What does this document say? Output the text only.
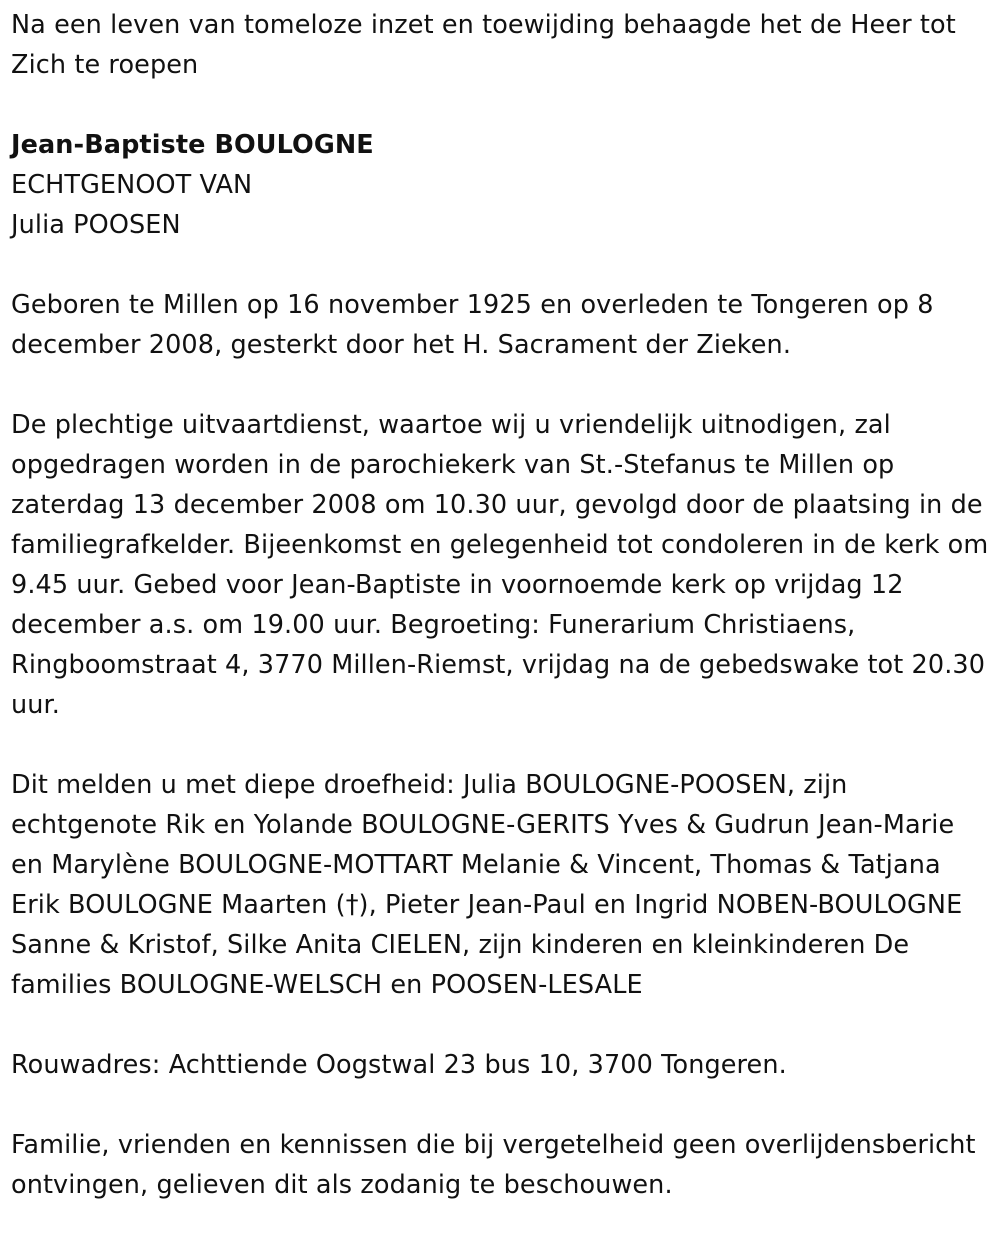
Na een leven van tomeloze inzet en toewijding behaagde het de Heer tot Zich te roepen

Jean-Baptiste BOULOGNE
ECHTGENOOT VAN
Julia POOSEN

Geboren te Millen op 16 november 1925 en overleden te Tongeren op 8 december 2008, gesterkt door het H. Sacrament der Zieken.

De plechtige uitvaartdienst, waartoe wij u vriendelijk uitnodigen, zal opgedragen worden in de parochiekerk van St.-Stefanus te Millen op zaterdag 13 december 2008 om 10.30 uur, gevolgd door de plaatsing in de familiegrafkelder. Bijeenkomst en gelegenheid tot condoleren in de kerk om 9.45 uur. Gebed voor Jean-Baptiste in voornoemde kerk op vrijdag 12 december a.s. om 19.00 uur. Begroeting: Funerarium Christiaens, Ringboomstraat 4, 3770 Millen-Riemst, vrijdag na de gebedswake tot 20.30 uur.

Dit melden u met diepe droefheid: Julia BOULOGNE-POOSEN, zijn echtgenote Rik en Yolande BOULOGNE-GERITS Yves & Gudrun Jean-Marie en Marylène BOULOGNE-MOTTART Melanie & Vincent, Thomas & Tatjana Erik BOULOGNE Maarten (†), Pieter Jean-Paul en Ingrid NOBEN-BOULOGNE Sanne & Kristof, Silke Anita CIELEN, zijn kinderen en kleinkinderen De families BOULOGNE-WELSCH en POOSEN-LESALE

Rouwadres: Achttiende Oogstwal 23 bus 10, 3700 Tongeren.

Familie, vrienden en kennissen die bij vergetelheid geen overlijdensbericht ontvingen, gelieven dit als zodanig te beschouwen.
